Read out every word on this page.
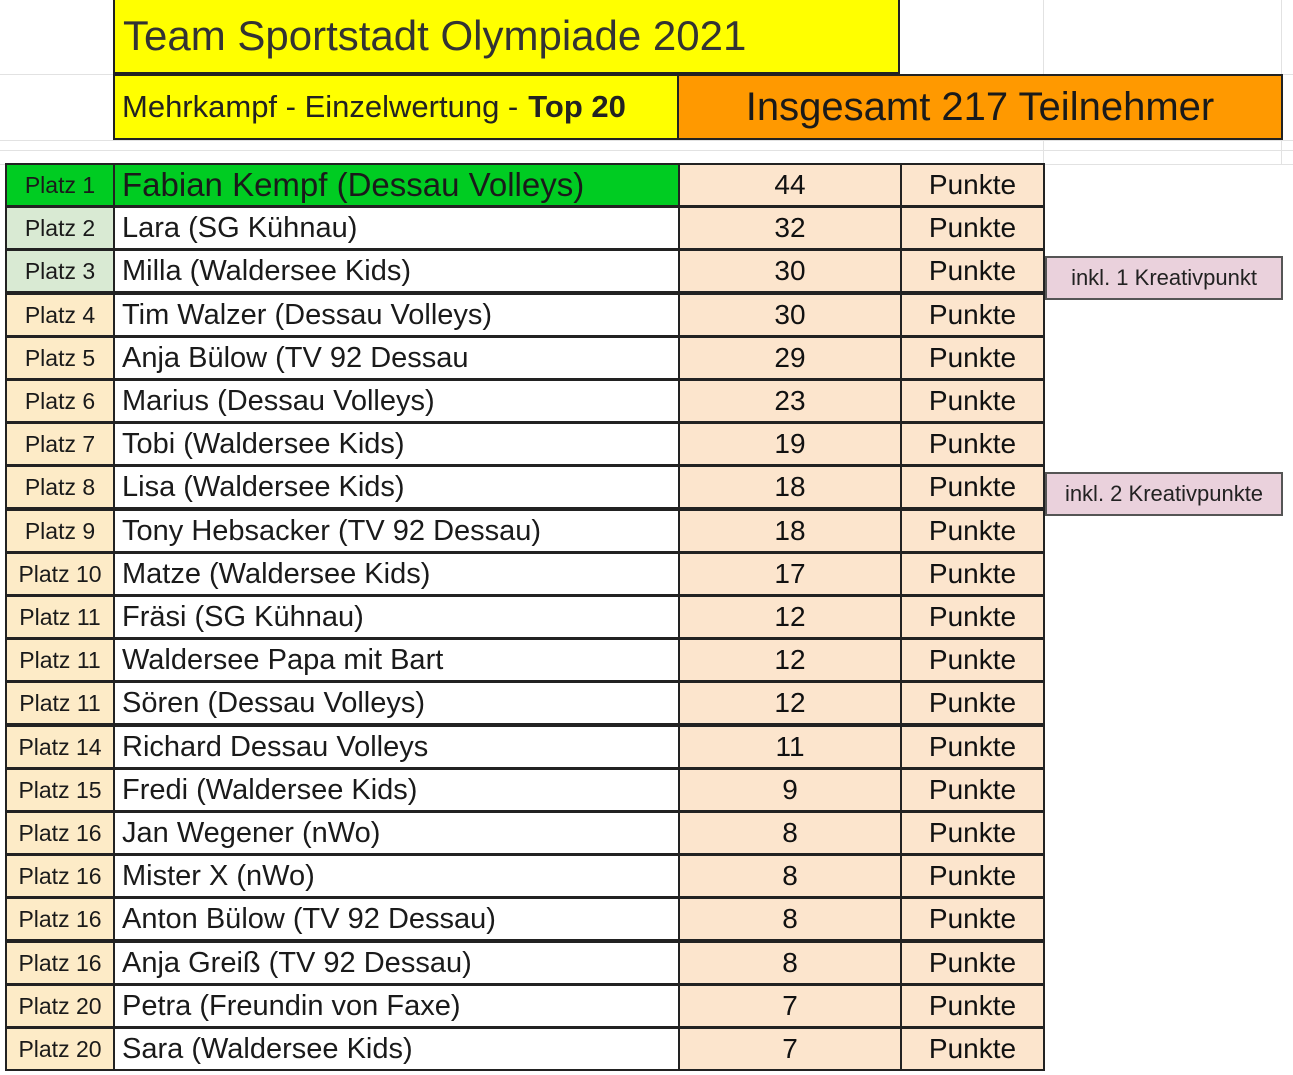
Team Sportstadt Olympiade 2021
Mehrkampf - Einzelwertung - Top 20	Insgesamt 217 Teilnehmer
Platz 1 Fabian Kempf (Dessau Volleys)	44	Punkte
Platz 2 Lara (SG Kühnau)	32	Punkte
Platz 3 Milla (Waldersee Kids)	30	Punkte
Platz 4 Tim Walzer (Dessau Volleys)	30	Punkte
Platz 5 Anja Bülow (TV 92 Dessau	29	Punkte
Platz 6 Marius (Dessau Volleys)	23	Punkte
Platz 7 Tobi (Waldersee Kids)	19	Punkte
Platz 8 Lisa (Waldersee Kids)	18	Punkte
Platz 9 Tony Hebsacker (TV 92 Dessau)	18	Punkte
Platz 10 Matze (Waldersee Kids)	17	Punkte
Platz 11 Fräsi (SG Kühnau)	12	Punkte
Platz 11 Waldersee Papa mit Bart	12	Punkte
Platz 11 Sören (Dessau Volleys)	12	Punkte
Platz 14 Richard Dessau Volleys	11	Punkte
Platz 15 Fredi (Waldersee Kids)	9	Punkte
Platz 16 Jan Wegener (nWo)	8	Punkte
Platz 16 Mister X (nWo)	8	Punkte
Platz 16 Anton Bülow (TV 92 Dessau)	8	Punkte
Platz 16 Anja Greiß (TV 92 Dessau)	8	Punkte
Platz 20 Petra (Freundin von Faxe)	7	Punkte
Platz 20 Sara (Waldersee Kids)	7	Punkte
inkl. 1 Kreativpunkt
inkl. 2 Kreativpunkte
